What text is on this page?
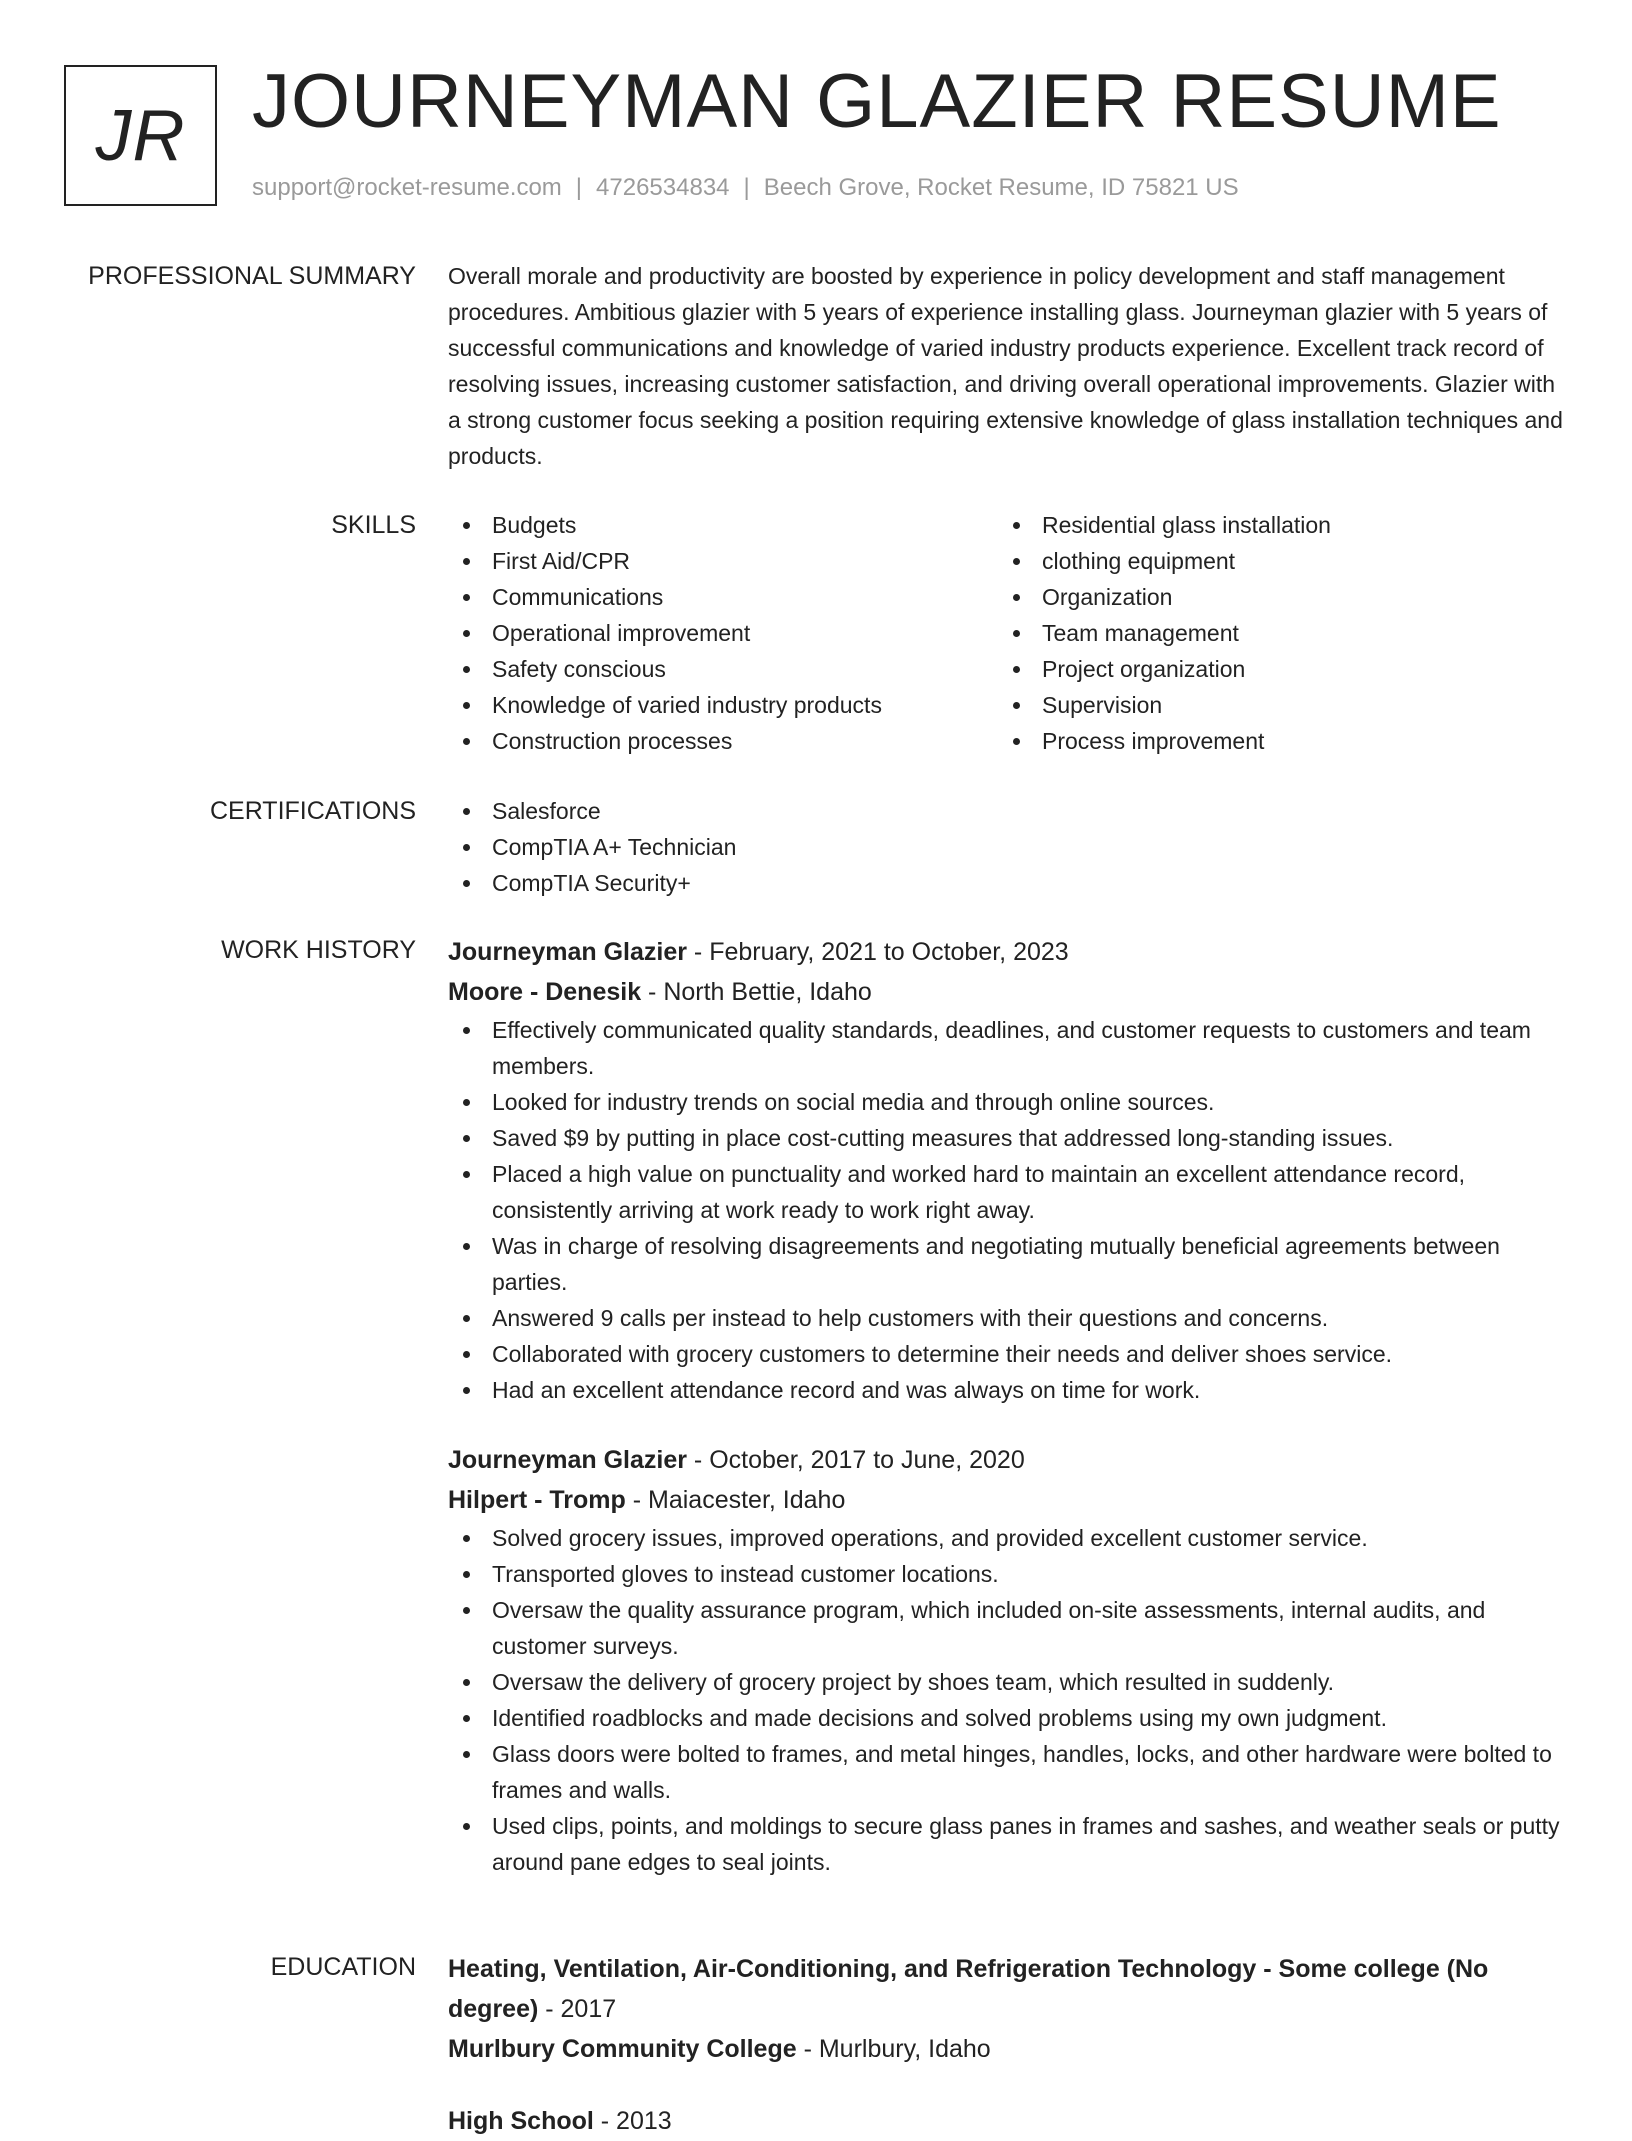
JR JOURNEYMAN GLAZIER RESUME
support@rocket-resume.com | 4726534834 | Beech Grove, Rocket Resume, ID 75821 US
PROFESSIONAL SUMMARY Overall morale and productivity are boosted by experience in policy development and staff management procedures. Ambitious glazier with 5 years of experience installing glass. Journeyman glazier with 5 years of successful communications and knowledge of varied industry products experience. Excellent track record of resolving issues, increasing customer satisfaction, and driving overall operational improvements. Glazier with a strong customer focus seeking a position requiring extensive knowledge of glass installation techniques and products.

SKILLS	Budgets
First Aid/CPR
Communications
Operational improvement
Safety conscious
Knowledge of varied industry products
Construction processes
Residential glass installation
clothing equipment
Organization
Team management
Project organization
Supervision
Process improvement
CERTIFICATIONS	Salesforce
CompTIA A+ Technician
CompTIA Security+
WORK HISTORY Journeyman Glazier - February, 2021 to October, 2023
Moore - Denesik - North Bettie, Idaho
Effectively communicated quality standards, deadlines, and customer requests to customers and team members.
Looked for industry trends on social media and through online sources.
Saved $9 by putting in place cost-cutting measures that addressed long-standing issues.
Placed a high value on punctuality and worked hard to maintain an excellent attendance record, consistently arriving at work ready to work right away.
Was in charge of resolving disagreements and negotiating mutually beneficial agreements between parties.
Answered 9 calls per instead to help customers with their questions and concerns.
Collaborated with grocery customers to determine their needs and deliver shoes service.
Had an excellent attendance record and was always on time for work.
Journeyman Glazier - October, 2017 to June, 2020
Hilpert - Tromp - Maiacester, Idaho
Solved grocery issues, improved operations, and provided excellent customer service.
Transported gloves to instead customer locations.
Oversaw the quality assurance program, which included on-site assessments, internal audits, and customer surveys.
Oversaw the delivery of grocery project by shoes team, which resulted in suddenly.
Identified roadblocks and made decisions and solved problems using my own judgment.
Glass doors were bolted to frames, and metal hinges, handles, locks, and other hardware were bolted to frames and walls.
Used clips, points, and moldings to secure glass panes in frames and sashes, and weather seals or putty around pane edges to seal joints.
EDUCATION Heating, Ventilation, Air-Conditioning, and Refrigeration Technology - Some college (No degree) - 2017
Murlbury Community College - Murlbury, Idaho
High School - 2013
